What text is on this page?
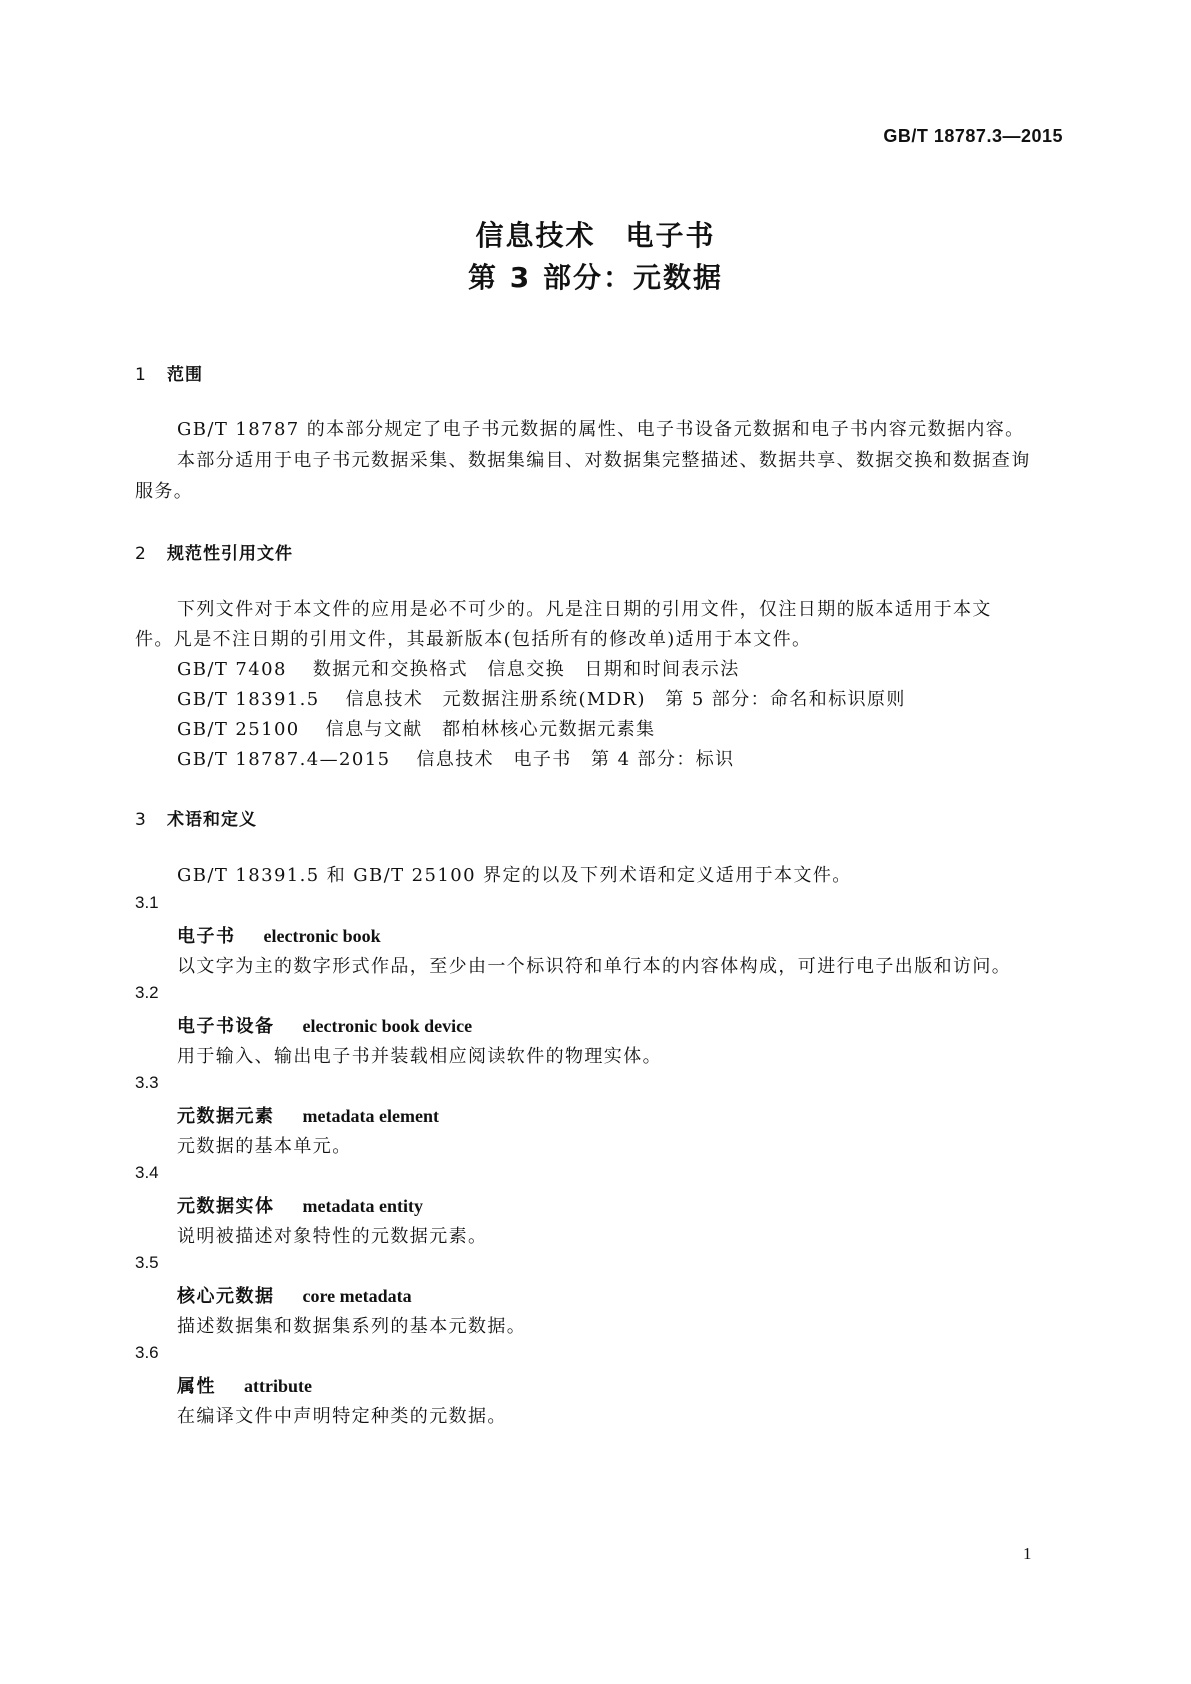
GB/T 18787.3—2015
信息技术　电子书
第 3 部分：元数据
1 范围
GB/T 18787 的本部分规定了电子书元数据的属性、电子书设备元数据和电子书内容元数据内容。
本部分适用于电子书元数据采集、数据集编目、对数据集完整描述、数据共享、数据交换和数据查询
服务。
2 规范性引用文件
下列文件对于本文件的应用是必不可少的。凡是注日期的引用文件，仅注日期的版本适用于本文
件。凡是不注日期的引用文件，其最新版本(包括所有的修改单)适用于本文件。
GB/T 7408 数据元和交换格式　信息交换　日期和时间表示法
GB/T 18391.5 信息技术　元数据注册系统(MDR)　第 5 部分：命名和标识原则
GB/T 25100 信息与文献　都柏林核心元数据元素集
GB/T 18787.4—2015 信息技术　电子书　第 4 部分：标识
3 术语和定义
GB/T 18391.5 和 GB/T 25100 界定的以及下列术语和定义适用于本文件。
3.1
电子书 electronic book
以文字为主的数字形式作品，至少由一个标识符和单行本的内容体构成，可进行电子出版和访问。
3.2
电子书设备 electronic book device
用于输入、输出电子书并装载相应阅读软件的物理实体。
3.3
元数据元素 metadata element
元数据的基本单元。
3.4
元数据实体 metadata entity
说明被描述对象特性的元数据元素。
3.5
核心元数据 core metadata
描述数据集和数据集系列的基本元数据。
3.6
属性 attribute
在编译文件中声明特定种类的元数据。
1
